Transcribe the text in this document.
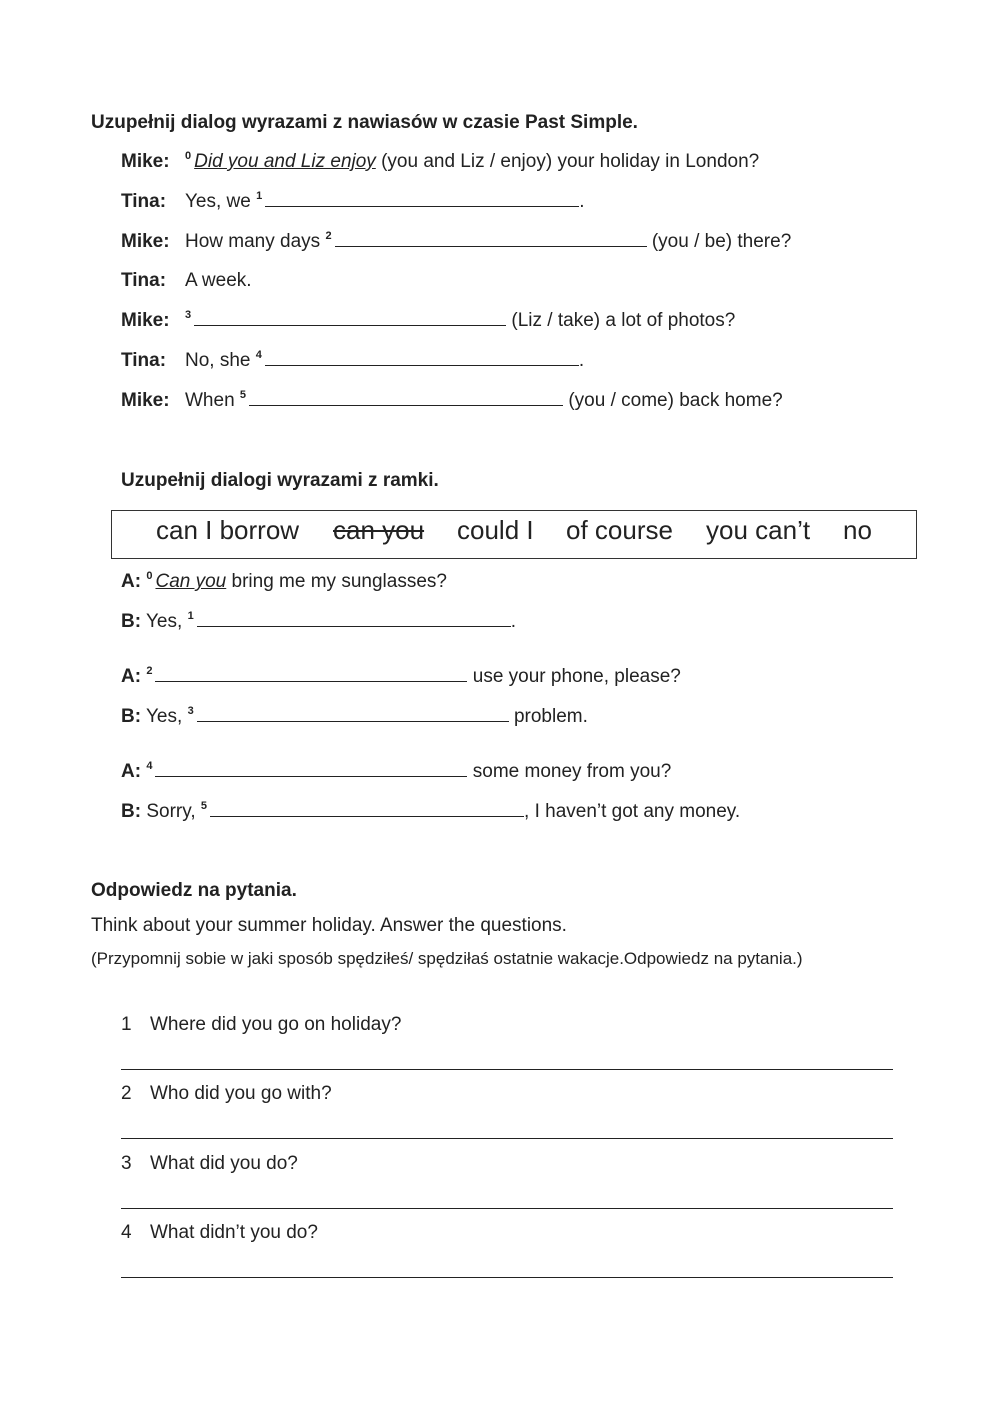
Uzupełnij dialog wyrazami z nawiasów w czasie Past Simple.
Mike: $^0$ Did you and Liz enjoy (you and Liz / enjoy) your holiday in London?
Tina: Yes, we $^1$	.
Mike: How many days $^2$	(you / be) there?
Tina: A week.
Mike: $^3$	(Liz / take) a lot of photos?
Tina: No, she $^4$	.
Mike: When $^5$	(you / come) back home?
Uzupełnij dialogi wyrazami z ramki.
can I borrow can you could I of course you can’t no
A: $^0$ Can you bring me my sunglasses?
B: Yes, $^1$	.
A: $^2$	use your phone, please?
B: Yes, $^3$	problem.
A: $^4$	some money from you?
B: Sorry, $^5$	, I haven’t got any money.
Odpowiedz na pytania.
Think about your summer holiday. Answer the questions.
(Przypomnij sobie w jaki sposób spędziłeś/ spędziłaś ostatnie wakacje.Odpowiedz na pytania.)
1 Where did you go on holiday?
2 Who did you go with?
3 What did you do?
4 What didn’t you do?
